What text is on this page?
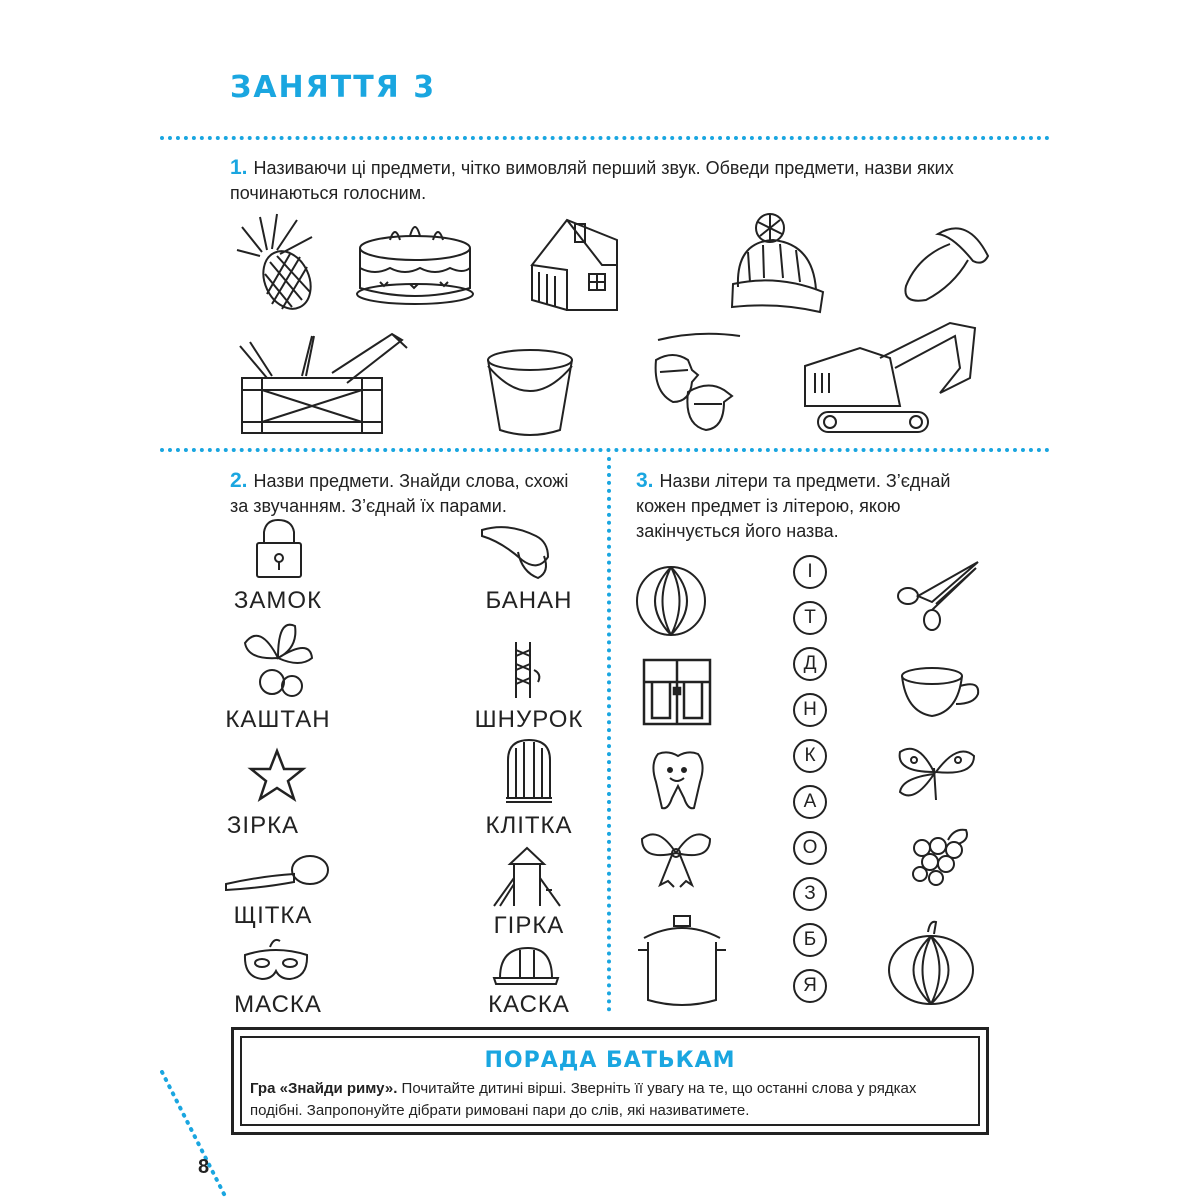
ЗАНЯТТЯ 3
1. Називаючи ці предмети, чітко вимовляй перший звук. Обведи предмети, назви яких починаються голосним.
2. Назви предмети. Знайди слова, схожі за звучанням. З’єднай їх парами.
ЗАМОК
КАШТАН
ЗІРКА
ЩІТКА
МАСКА
БАНАН
ШНУРОК
КЛІТКА
ГІРКА
КАСКА
3. Назви літери та предмети. З’єднай кожен предмет із літерою, якою закінчується його назва.
І
Т
Д
Н
К
А
О
З
Б
Я
ПОРАДА БАТЬКАМ
Гра «Знайди риму». Почитайте дитині вірші. Зверніть її увагу на те, що останні слова у рядках подібні. Запропонуйте дібрати римовані пари до слів, які називатимете.
8
